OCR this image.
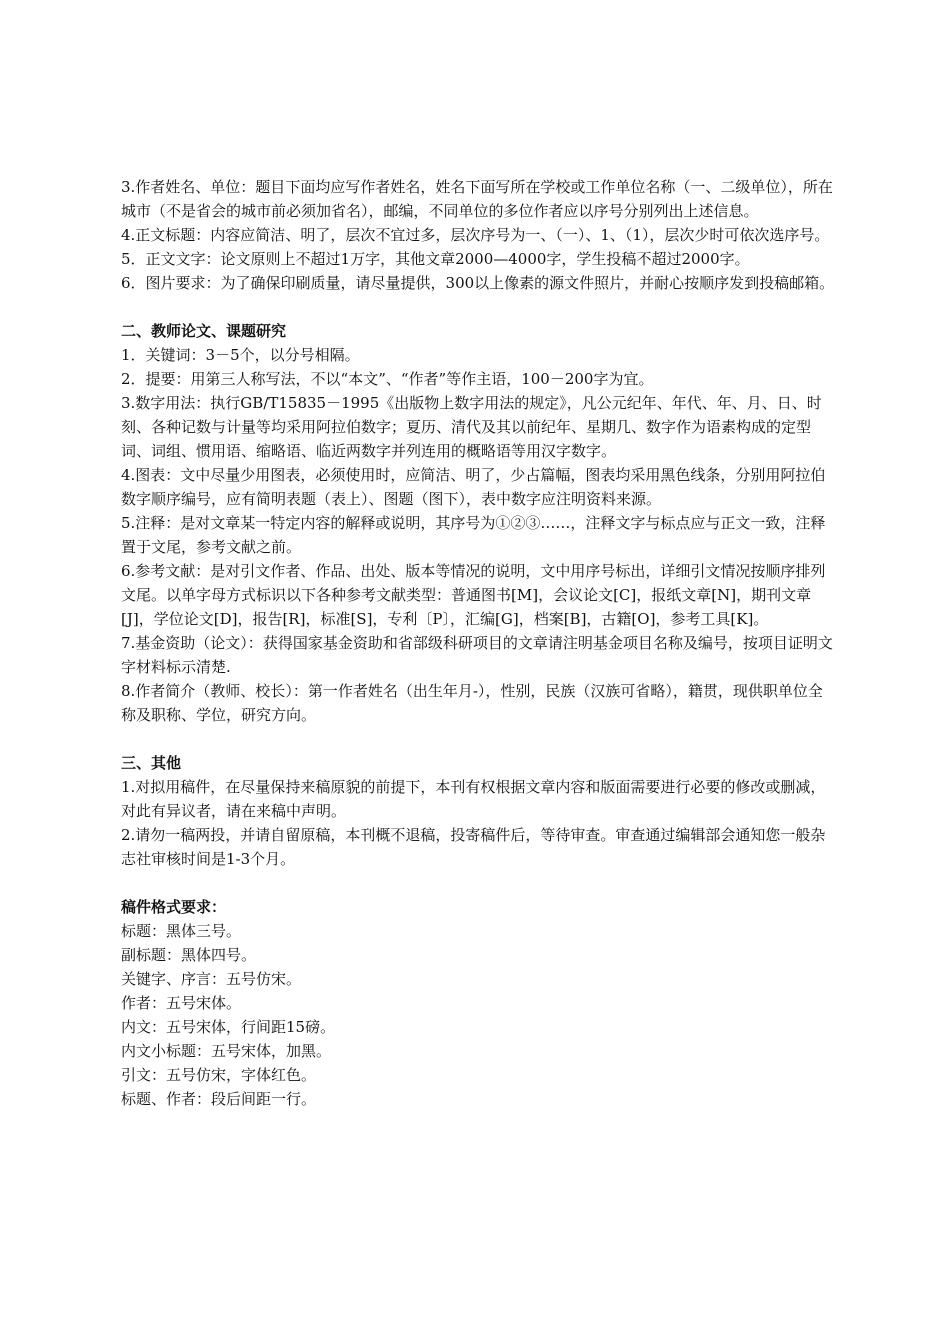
3.作者姓名、单位：题目下面均应写作者姓名，姓名下面写所在学校或工作单位名称（一、二级单位），所在城市（不是省会的城市前必须加省名），邮编，不同单位的多位作者应以序号分别列出上述信息。

4.正文标题：内容应简洁、明了，层次不宜过多，层次序号为一、（一）、1、（1），层次少时可依次选序号。

5．正文文字：论文原则上不超过1万字，其他文章2000—4000字，学生投稿不超过2000字。

6．图片要求：为了确保印刷质量，请尽量提供，300以上像素的源文件照片，并耐心按顺序发到投稿邮箱。

二、教师论文、课题研究

1．关键词：3－5个，以分号相隔。

2．提要：用第三人称写法，不以“本文”、“作者”等作主语，100－200字为宜。

3.数字用法：执行GB/T15835－1995《出版物上数字用法的规定》，凡公元纪年、年代、年、月、日、时刻、各种记数与计量等均采用阿拉伯数字；夏历、清代及其以前纪年、星期几、数字作为语素构成的定型词、词组、惯用语、缩略语、临近两数字并列连用的概略语等用汉字数字。

4.图表：文中尽量少用图表，必须使用时，应简洁、明了，少占篇幅，图表均采用黑色线条，分别用阿拉伯数字顺序编号，应有简明表题（表上）、图题（图下），表中数字应注明资料来源。

5.注释：是对文章某一特定内容的解释或说明，其序号为①②③……，注释文字与标点应与正文一致，注释置于文尾，参考文献之前。

6.参考文献：是对引文作者、作品、出处、版本等情况的说明，文中用序号标出，详细引文情况按顺序排列文尾。以单字母方式标识以下各种参考文献类型：普通图书[M]，会议论文[C]，报纸文章[N]，期刊文章[J]，学位论文[D]，报告[R]，标准[S]，专利〔P〕，汇编[G]，档案[B]，古籍[O]，参考工具[K]。

7.基金资助（论文）：获得国家基金资助和省部级科研项目的文章请注明基金项目名称及编号，按项目证明文字材料标示清楚.

8.作者简介（教师、校长）：第一作者姓名（出生年月-），性别，民族（汉族可省略），籍贯，现供职单位全称及职称、学位，研究方向。

三、其他

1.对拟用稿件，在尽量保持来稿原貌的前提下，本刊有权根据文章内容和版面需要进行必要的修改或删减，对此有异议者，请在来稿中声明。

2.请勿一稿两投，并请自留原稿，本刊概不退稿，投寄稿件后，等待审查。审查通过编辑部会通知您一般杂志社审核时间是1-3个月。

稿件格式要求：

标题：黑体三号。

副标题：黑体四号。

关键字、序言：五号仿宋。

作者：五号宋体。

内文：五号宋体，行间距15磅。

内文小标题：五号宋体，加黑。

引文：五号仿宋，字体红色。

标题、作者：段后间距一行。
